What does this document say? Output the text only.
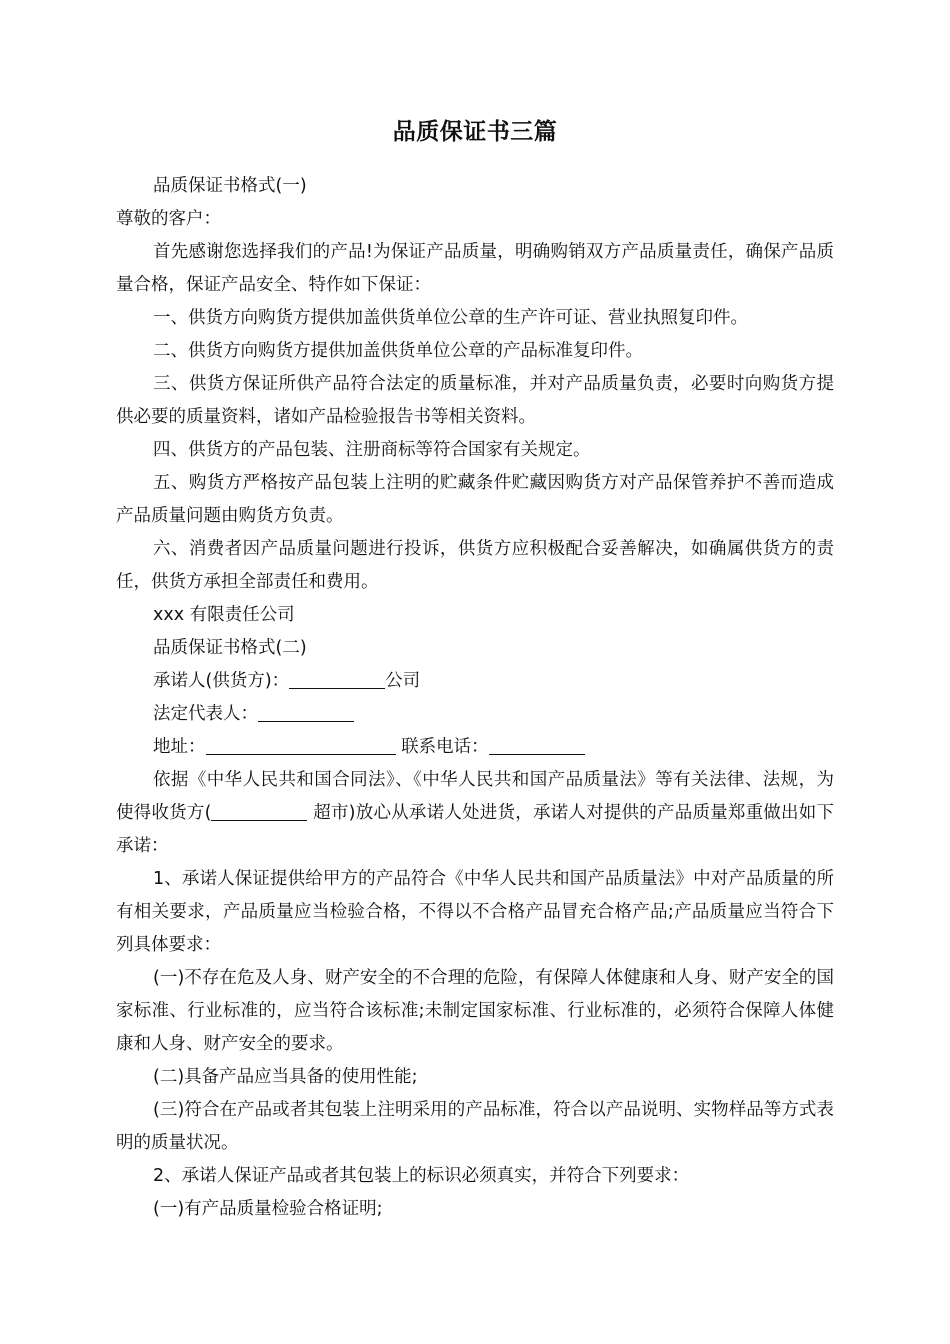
品质保证书三篇

品质保证书格式(一)

尊敬的客户：

首先感谢您选择我们的产品!为保证产品质量，明确购销双方产品质量责任，确保产品质量合格，保证产品安全、特作如下保证：

一、供货方向购货方提供加盖供货单位公章的生产许可证、营业执照复印件。

二、供货方向购货方提供加盖供货单位公章的产品标准复印件。

三、供货方保证所供产品符合法定的质量标准，并对产品质量负责，必要时向购货方提供必要的质量资料，诸如产品检验报告书等相关资料。

四、供货方的产品包装、注册商标等符合国家有关规定。

五、购货方严格按产品包装上注明的贮藏条件贮藏因购货方对产品保管养护不善而造成产品质量问题由购货方负责。

六、消费者因产品质量问题进行投诉，供货方应积极配合妥善解决，如确属供货方的责任，供货方承担全部责任和费用。

xxx 有限责任公司

品质保证书格式(二)

承诺人(供货方)：	公司

法定代表人：

地址：	联系电话：

依据《中华人民共和国合同法》、《中华人民共和国产品质量法》等有关法律、法规，为使得收货方(	超市)放心从承诺人处进货，承诺人对提供的产品质量郑重做出如下承诺：

1、承诺人保证提供给甲方的产品符合《中华人民共和国产品质量法》中对产品质量的所有相关要求，产品质量应当检验合格，不得以不合格产品冒充合格产品;产品质量应当符合下列具体要求：

(一)不存在危及人身、财产安全的不合理的危险，有保障人体健康和人身、财产安全的国家标准、行业标准的，应当符合该标准;未制定国家标准、行业标准的，必须符合保障人体健康和人身、财产安全的要求。

(二)具备产品应当具备的使用性能;

(三)符合在产品或者其包装上注明采用的产品标准，符合以产品说明、实物样品等方式表明的质量状况。

2、承诺人保证产品或者其包装上的标识必须真实，并符合下列要求：

(一)有产品质量检验合格证明;
